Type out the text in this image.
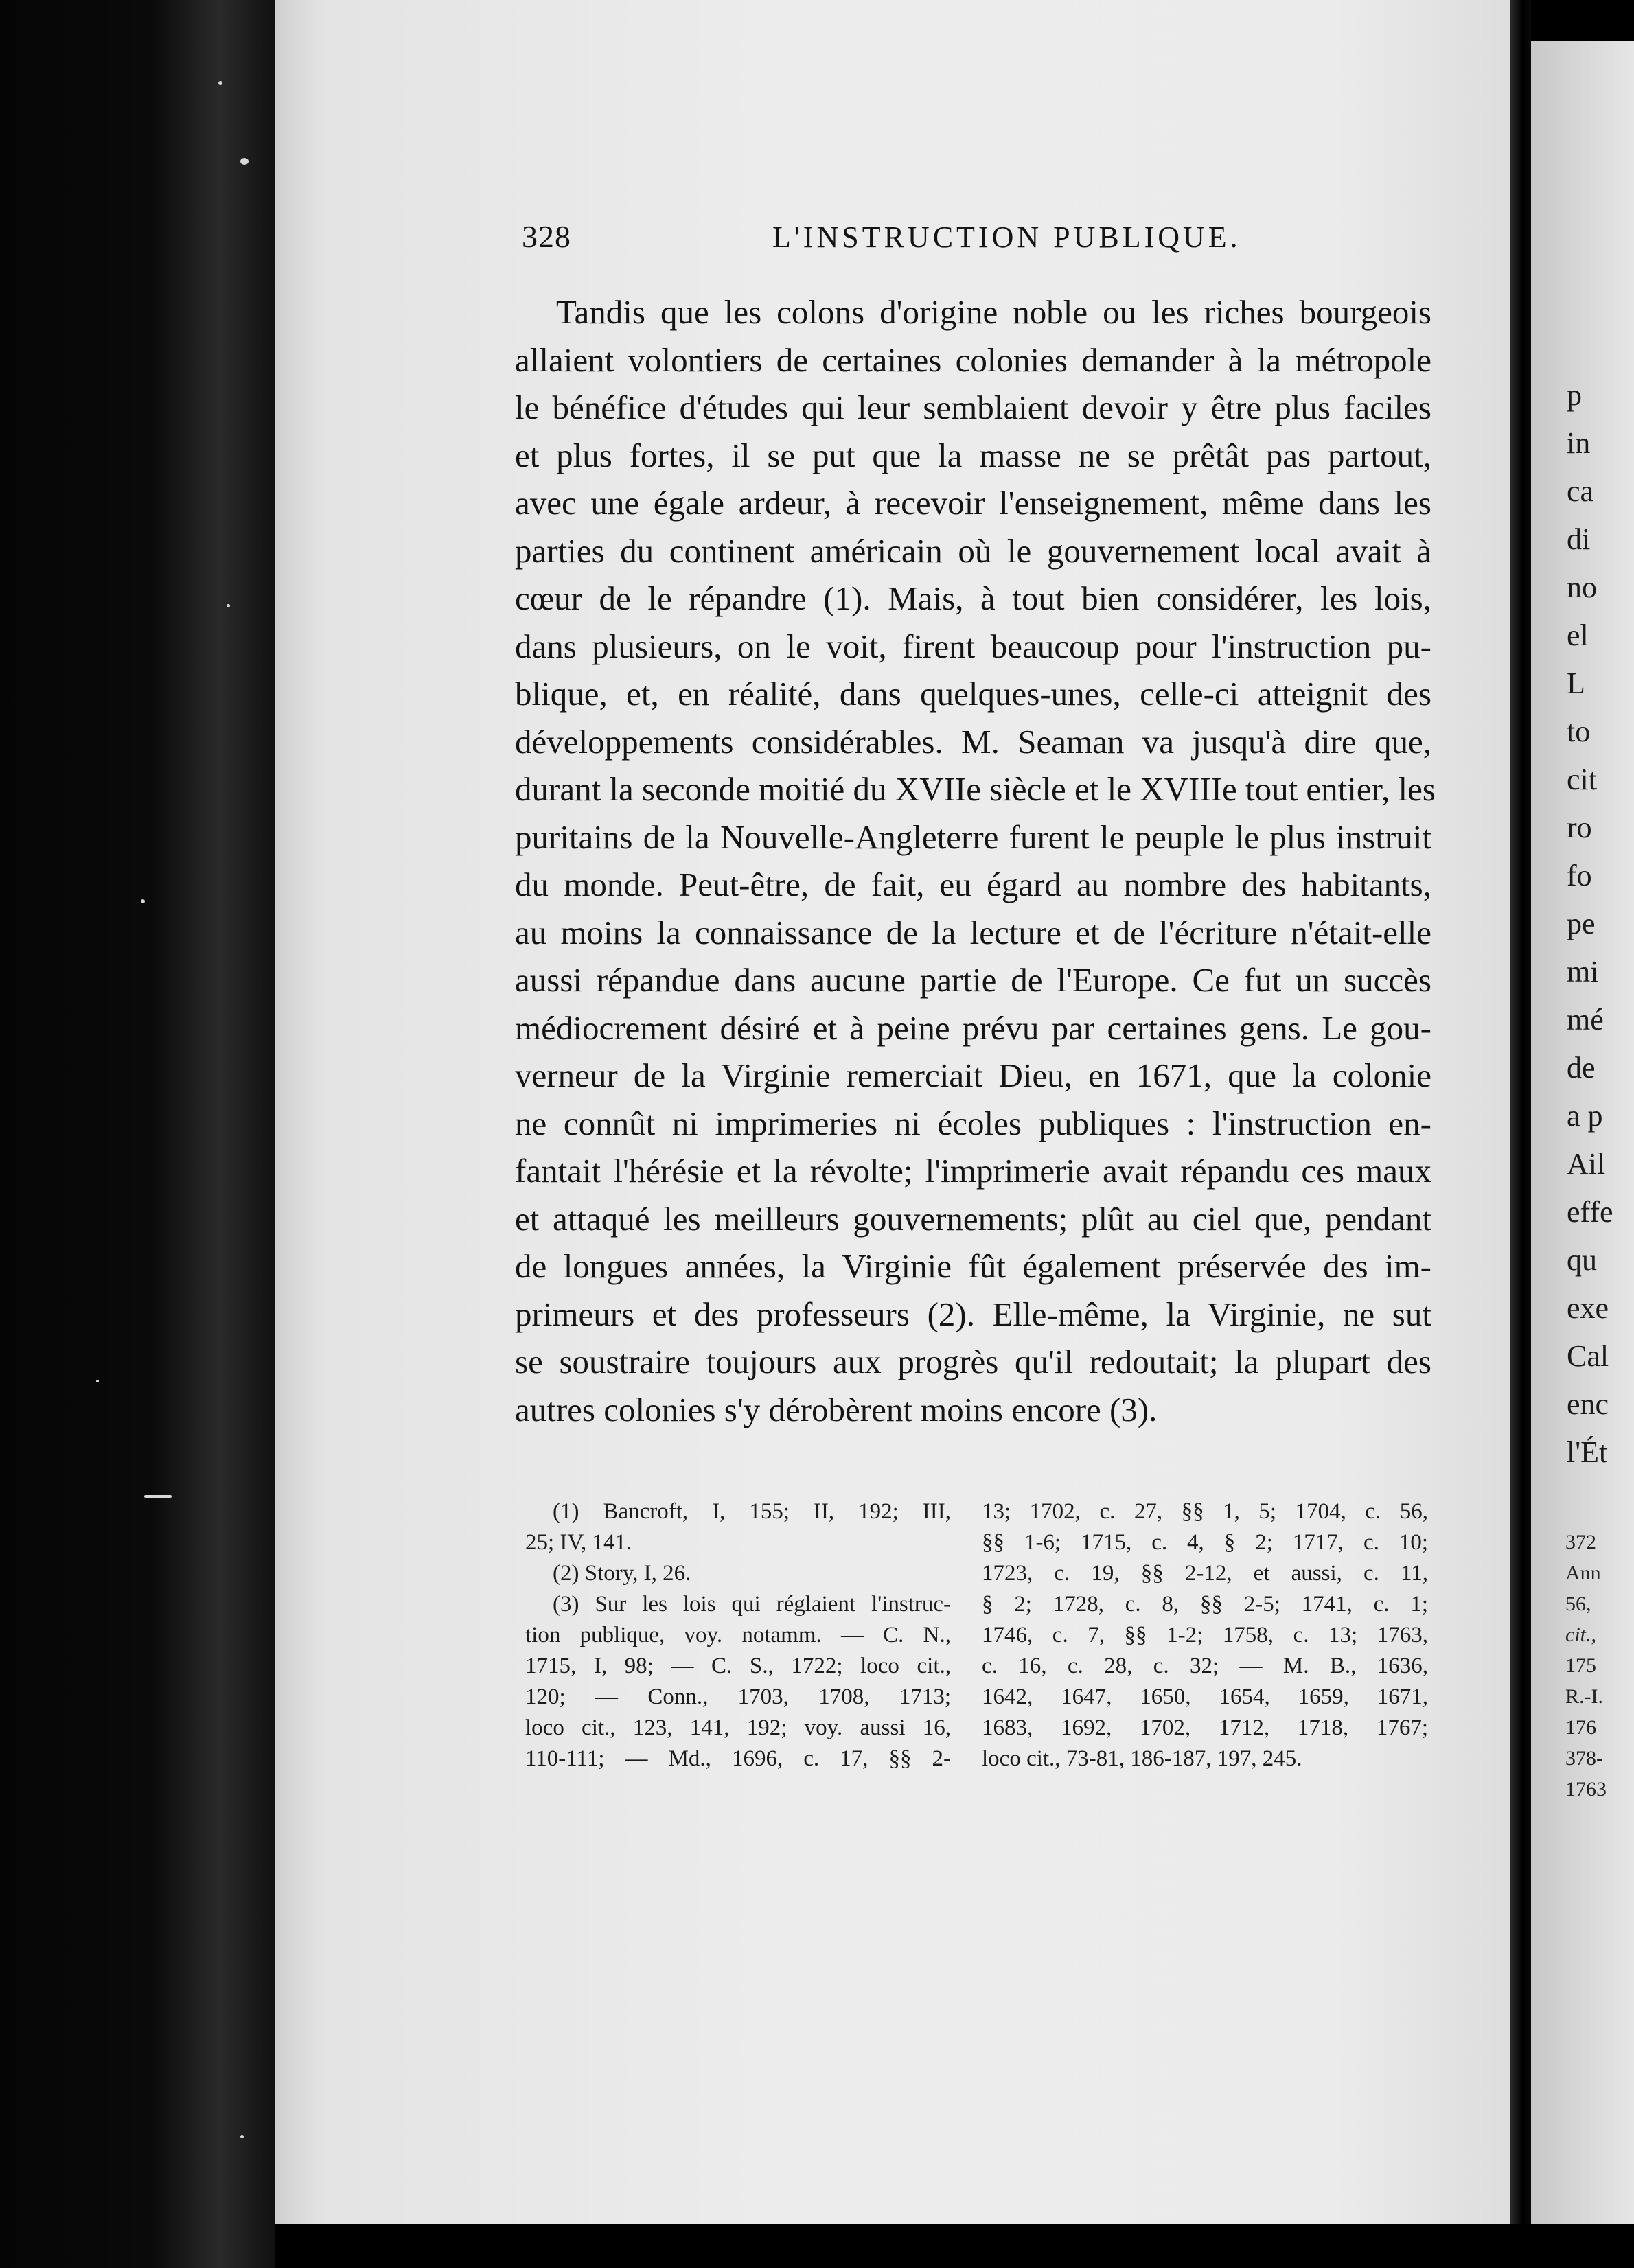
p
in
ca
di
no
el
L
to
cit
ro
fo
pe
mi
mé
de
a p
Ail
effe
qu
exe
Cal
enc
l'Ét
372
Ann
56,
cit.,
175
R.-I.
176
378-
1763
328	L'INSTRUCTION PUBLIQUE.
Tandis que les colons d'origine noble ou les riches bourgeois
allaient volontiers de certaines colonies demander à la métropole
le bénéfice d'études qui leur semblaient devoir y être plus faciles
et plus fortes, il se put que la masse ne se prêtât pas partout,
avec une égale ardeur, à recevoir l'enseignement, même dans les
parties du continent américain où le gouvernement local avait à
cœur de le répandre (1). Mais, à tout bien considérer, les lois,
dans plusieurs, on le voit, firent beaucoup pour l'instruction pu-
blique, et, en réalité, dans quelques-unes, celle-ci atteignit des
développements considérables. M. Seaman va jusqu'à dire que,
durant la seconde moitié du XVIIe siècle et le XVIIIe tout entier, les
puritains de la Nouvelle-Angleterre furent le peuple le plus instruit
du monde. Peut-être, de fait, eu égard au nombre des habitants,
au moins la connaissance de la lecture et de l'écriture n'était-elle
aussi répandue dans aucune partie de l'Europe. Ce fut un succès
médiocrement désiré et à peine prévu par certaines gens. Le gou-
verneur de la Virginie remerciait Dieu, en 1671, que la colonie
ne connût ni imprimeries ni écoles publiques : l'instruction en-
fantait l'hérésie et la révolte; l'imprimerie avait répandu ces maux
et attaqué les meilleurs gouvernements; plût au ciel que, pendant
de longues années, la Virginie fût également préservée des im-
primeurs et des professeurs (2). Elle-même, la Virginie, ne sut
se soustraire toujours aux progrès qu'il redoutait; la plupart des
autres colonies s'y dérobèrent moins encore (3).
(1) Bancroft, I, 155; II, 192; III,
25; IV, 141.
(2) Story, I, 26.
(3) Sur les lois qui réglaient l'instruc-
tion publique, voy. notamm. — C. N.,
1715, I, 98; — C. S., 1722; loco cit.,
120; — Conn., 1703, 1708, 1713;
loco cit., 123, 141, 192; voy. aussi 16,
110-111; — Md., 1696, c. 17, §§ 2-
13; 1702, c. 27, §§ 1, 5; 1704, c. 56,
§§ 1-6; 1715, c. 4, § 2; 1717, c. 10;
1723, c. 19, §§ 2-12, et aussi, c. 11,
§ 2; 1728, c. 8, §§ 2-5; 1741, c. 1;
1746, c. 7, §§ 1-2; 1758, c. 13; 1763,
c. 16, c. 28, c. 32; — M. B., 1636,
1642, 1647, 1650, 1654, 1659, 1671,
1683, 1692, 1702, 1712, 1718, 1767;
loco cit., 73-81, 186-187, 197, 245.
